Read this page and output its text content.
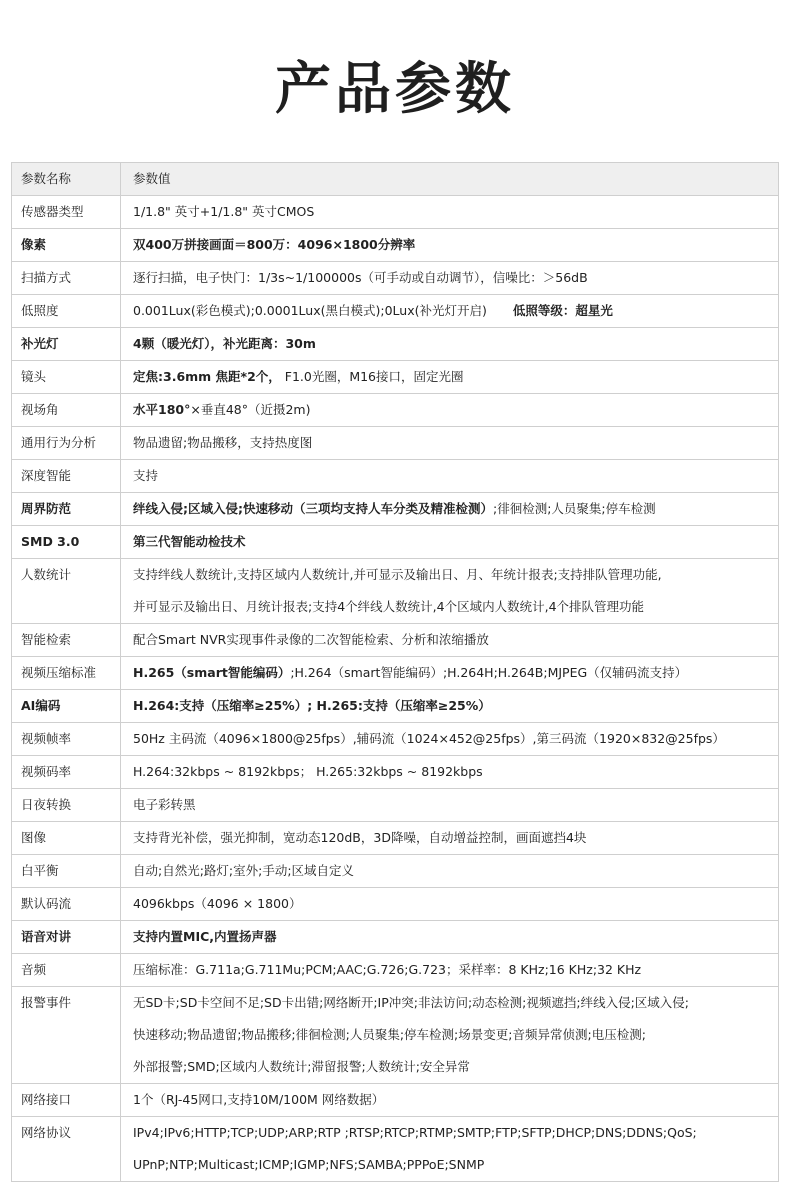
产品参数
参数名称	参数值
传感器类型	1/1.8" 英寸+1/1.8" 英寸CMOS

像素	双400万拼接画面＝800万：4096×1800分辨率

扫描方式	逐行扫描，电子快门：1/3s~1/100000s（可手动或自动调节），信噪比：＞56dB

低照度	0.001Lux(彩色模式);0.0001Lux(黑白模式);0Lux(补光灯开启) 低照等级：超星光

补光灯	4颗（暖光灯），补光距离：30m

镜头	定焦:3.6mm 焦距*2个， F1.0光圈，M16接口，固定光圈

视场角	水平180°×垂直48°（近摄2m)

通用行为分析	物品遗留;物品搬移，支持热度图

深度智能	支持

周界防范	绊线入侵;区域入侵;快速移动（三项均支持人车分类及精准检测）;徘徊检测;人员聚集;停车检测

SMD 3.0	第三代智能动检技术

人数统计	支持绊线人数统计,支持区域内人数统计,并可显示及输出日、月、年统计报表;支持排队管理功能,
并可显示及输出日、月统计报表;支持4个绊线人数统计,4个区域内人数统计,4个排队管理功能

智能检索	配合Smart NVR实现事件录像的二次智能检索、分析和浓缩播放

视频压缩标准	H.265（smart智能编码）;H.264（smart智能编码）;H.264H;H.264B;MJPEG（仅辅码流支持）

AI编码	H.264:支持（压缩率≥25%）; H.265:支持（压缩率≥25%）

视频帧率	50Hz 主码流（4096×1800@25fps）,辅码流（1024×452@25fps）,第三码流（1920×832@25fps）

视频码率	H.264:32kbps ~ 8192kbps； H.265:32kbps ~ 8192kbps

日夜转换	电子彩转黑

图像	支持背光补偿，强光抑制，宽动态120dB，3D降噪，自动增益控制，画面遮挡4块

白平衡	自动;自然光;路灯;室外;手动;区域自定义

默认码流	4096kbps（4096 × 1800）

语音对讲	支持内置MIC,内置扬声器

音频	压缩标准：G.711a;G.711Mu;PCM;AAC;G.726;G.723；采样率：8 KHz;16 KHz;32 KHz

报警事件	无SD卡;SD卡空间不足;SD卡出错;网络断开;IP冲突;非法访问;动态检测;视频遮挡;绊线入侵;区域入侵;
快速移动;物品遗留;物品搬移;徘徊检测;人员聚集;停车检测;场景变更;音频异常侦测;电压检测;
外部报警;SMD;区域内人数统计;滞留报警;人数统计;安全异常

网络接口	1个（RJ-45网口,支持10M/100M 网络数据）

网络协议	IPv4;IPv6;HTTP;TCP;UDP;ARP;RTP ;RTSP;RTCP;RTMP;SMTP;FTP;SFTP;DHCP;DNS;DDNS;QoS;
UPnP;NTP;Multicast;ICMP;IGMP;NFS;SAMBA;PPPoE;SNMP
